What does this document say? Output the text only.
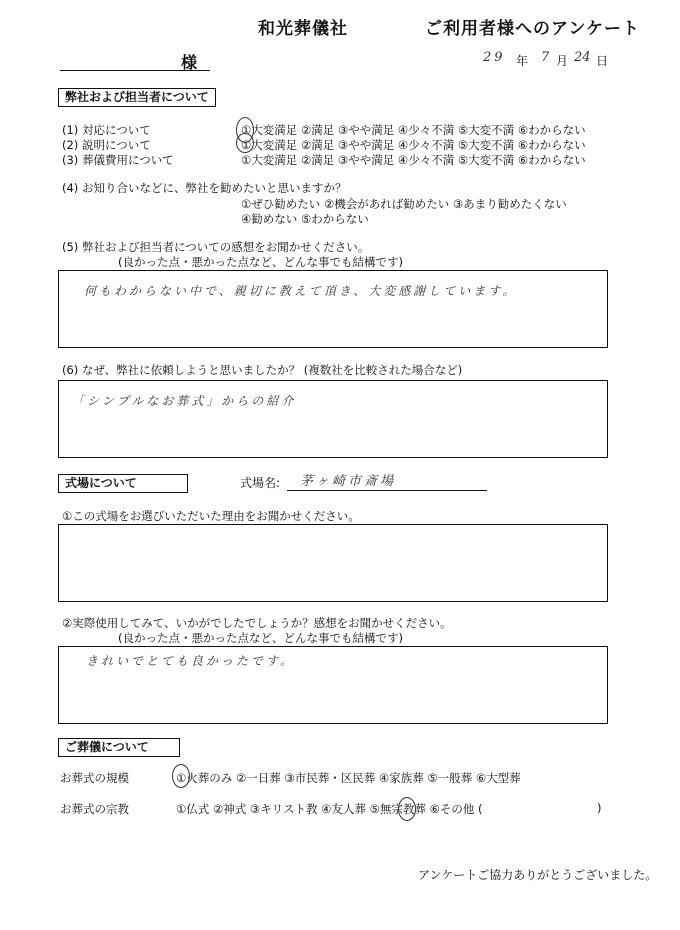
和光葬儀社	ご利用者様へのアンケート
様	29 年 7 月 24 日
弊社および担当者について
(1) 対応について	①大変満足 ②満足 ③やや満足 ④少々不満 ⑤大変不満 ⑥わからない
(2) 説明について	①大変満足 ②満足 ③やや満足 ④少々不満 ⑤大変不満 ⑥わからない
(3) 葬儀費用について	①大変満足 ②満足 ③やや満足 ④少々不満 ⑤大変不満 ⑥わからない
(4) お知り合いなどに、弊社を勧めたいと思いますか？
①ぜひ勧めたい ②機会があれば勧めたい ③あまり勧めたくない
④勧めない ⑤わからない
(5) 弊社および担当者についての感想をお聞かせください。
(良かった点・悪かった点など、どんな事でも結構です)
何もわからない中で、親切に教えて頂き、大変感謝しています。
(6) なぜ、弊社に依頼しようと思いましたか？ (複数社を比較された場合など)
「シンプルなお葬式」からの紹介
式場について	式場名: 茅ヶ崎市斎場
①この式場をお選びいただいた理由をお聞かせください。
②実際使用してみて、いかがでしたでしょうか？感想をお聞かせください。
(良かった点・悪かった点など、どんな事でも結構です)
きれいでとても良かったです。
ご葬儀について
お葬式の規模	①火葬のみ ②一日葬 ③市民葬・区民葬 ④家族葬 ⑤一般葬 ⑥大型葬
お葬式の宗教	①仏式 ②神式 ③キリスト教 ④友人葬 ⑤無宗教葬 ⑥その他 (	)
アンケートご協力ありがとうございました。
